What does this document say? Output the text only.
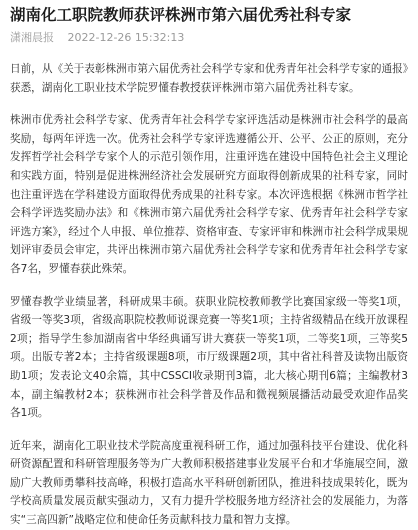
湖南化工职院教师获评株洲市第六届优秀社科专家
潇湘晨报 2022-12-26 15:32:13

日前，从《关于表彰株洲市第六届优秀社会科学专家和优秀青年社会科学专家的通报》获悉，湖南化工职业技术学院罗懂春教授获评株洲市第六届优秀社科专家。

株洲市优秀社会科学专家、优秀青年社会科学专家评选活动是株洲市社会科学的最高奖励，每两年评选一次。优秀社会科学专家评选遵循公开、公平、公正的原则，充分发挥哲学社会科学专家个人的示范引领作用，注重评选在建设中国特色社会主义理论和实践方面，特别是促进株洲经济社会发展研究方面取得创新成果的社科专家，同时也注重评选在学科建设方面取得优秀成果的社科专家。本次评选根据《株洲市哲学社会科学评选奖励办法》和《株洲市第六届优秀社会科学专家、优秀青年社会科学专家评选方案》，经过个人申报、单位推荐、资格审查、专家评审和株洲市社会科学成果规划评审委员会审定，共评出株洲市第六届优秀社会科学专家和优秀青年社会科学专家各7名，罗懂春获此殊荣。

罗懂春教学业绩显著，科研成果丰硕。获职业院校教师教学比赛国家级一等奖1项，省级一等奖3项，省级高职院校教师说课竞赛一等奖1项；主持省级精品在线开放课程2项；指导学生参加湖南省中华经典诵写讲大赛获一等奖1项，二等奖1项，三等奖5项。出版专著2本；主持省级课题8项，市厅级课题2项，其中省社科普及读物出版资助1项；发表论文40余篇，其中CSSCI收录期刊3篇，北大核心期刊6篇；主编教材3本，副主编教材2本；获株洲市社会科学普及作品和微视频展播活动最受欢迎作品奖各1项。

近年来，湖南化工职业技术学院高度重视科研工作，通过加强科技平台建设、优化科研资源配置和科研管理服务等为广大教师积极搭建事业发展平台和才华施展空间，激励广大教师勇攀科技高峰，积极打造高水平科研创新团队，推进科技成果转化，既为学校高质量发展贡献实强动力，又有力提升学校服务地方经济社会的发展能力，为落实“三高四新”战略定位和使命任务贡献科技力量和智力支撑。
